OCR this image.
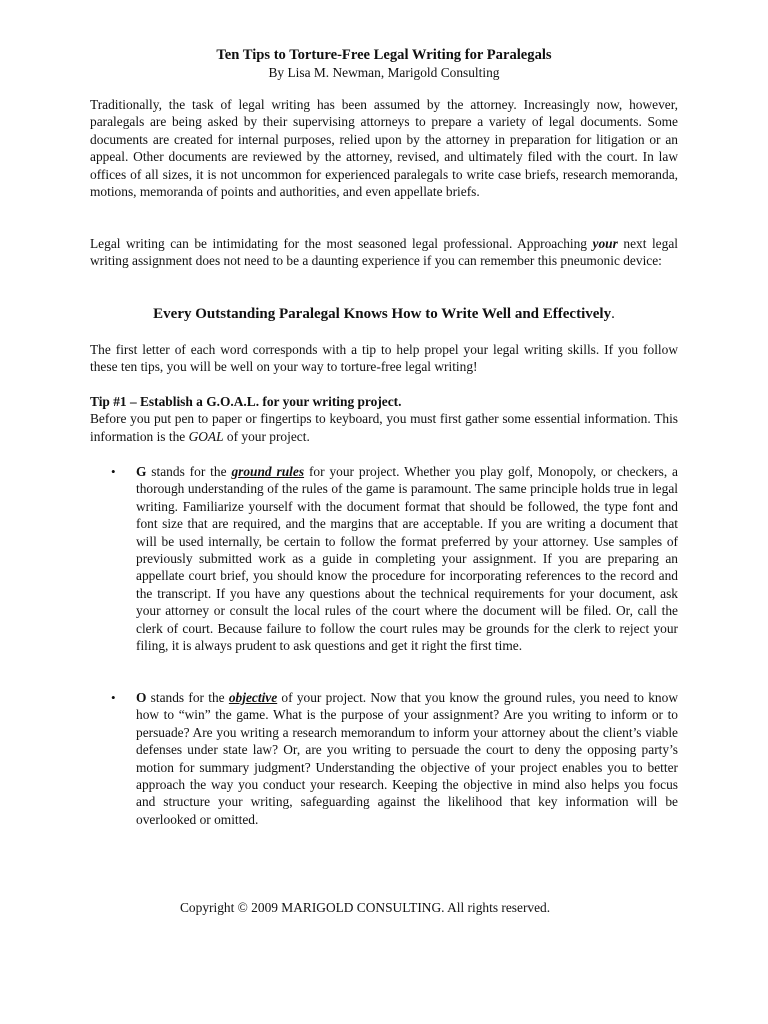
Ten Tips to Torture-Free Legal Writing for Paralegals
By Lisa M. Newman, Marigold Consulting

Traditionally, the task of legal writing has been assumed by the attorney. Increasingly now, however, paralegals are being asked by their supervising attorneys to prepare a variety of legal documents. Some documents are created for internal purposes, relied upon by the attorney in preparation for litigation or an appeal. Other documents are reviewed by the attorney, revised, and ultimately filed with the court. In law offices of all sizes, it is not uncommon for experienced paralegals to write case briefs, research memoranda, motions, memoranda of points and authorities, and even appellate briefs.

Legal writing can be intimidating for the most seasoned legal professional. Approaching your next legal writing assignment does not need to be a daunting experience if you can remember this pneumonic device:

Every Outstanding Paralegal Knows How to Write Well and Effectively.

The first letter of each word corresponds with a tip to help propel your legal writing skills. If you follow these ten tips, you will be well on your way to torture-free legal writing!

Tip #1 – Establish a G.O.A.L. for your writing project.
Before you put pen to paper or fingertips to keyboard, you must first gather some essential information. This information is the GOAL of your project.
• G stands for the ground rules for your project. Whether you play golf, Monopoly, or checkers, a thorough understanding of the rules of the game is paramount. The same principle holds true in legal writing. Familiarize yourself with the document format that should be followed, the type font and font size that are required, and the margins that are acceptable. If you are writing a document that will be used internally, be certain to follow the format preferred by your attorney. Use samples of previously submitted work as a guide in completing your assignment. If you are preparing an appellate court brief, you should know the procedure for incorporating references to the record and the transcript. If you have any questions about the technical requirements for your document, ask your attorney or consult the local rules of the court where the document will be filed. Or, call the clerk of court. Because failure to follow the court rules may be grounds for the clerk to reject your filing, it is always prudent to ask questions and get it right the first time.
• O stands for the objective of your project. Now that you know the ground rules, you need to know how to “win” the game. What is the purpose of your assignment? Are you writing to inform or to persuade? Are you writing a research memorandum to inform your attorney about the client’s viable defenses under state law? Or, are you writing to persuade the court to deny the opposing party’s motion for summary judgment? Understanding the objective of your project enables you to better approach the way you conduct your research. Keeping the objective in mind also helps you focus and structure your writing, safeguarding against the likelihood that key information will be overlooked or omitted.
Copyright © 2009 MARIGOLD CONSULTING. All rights reserved.
